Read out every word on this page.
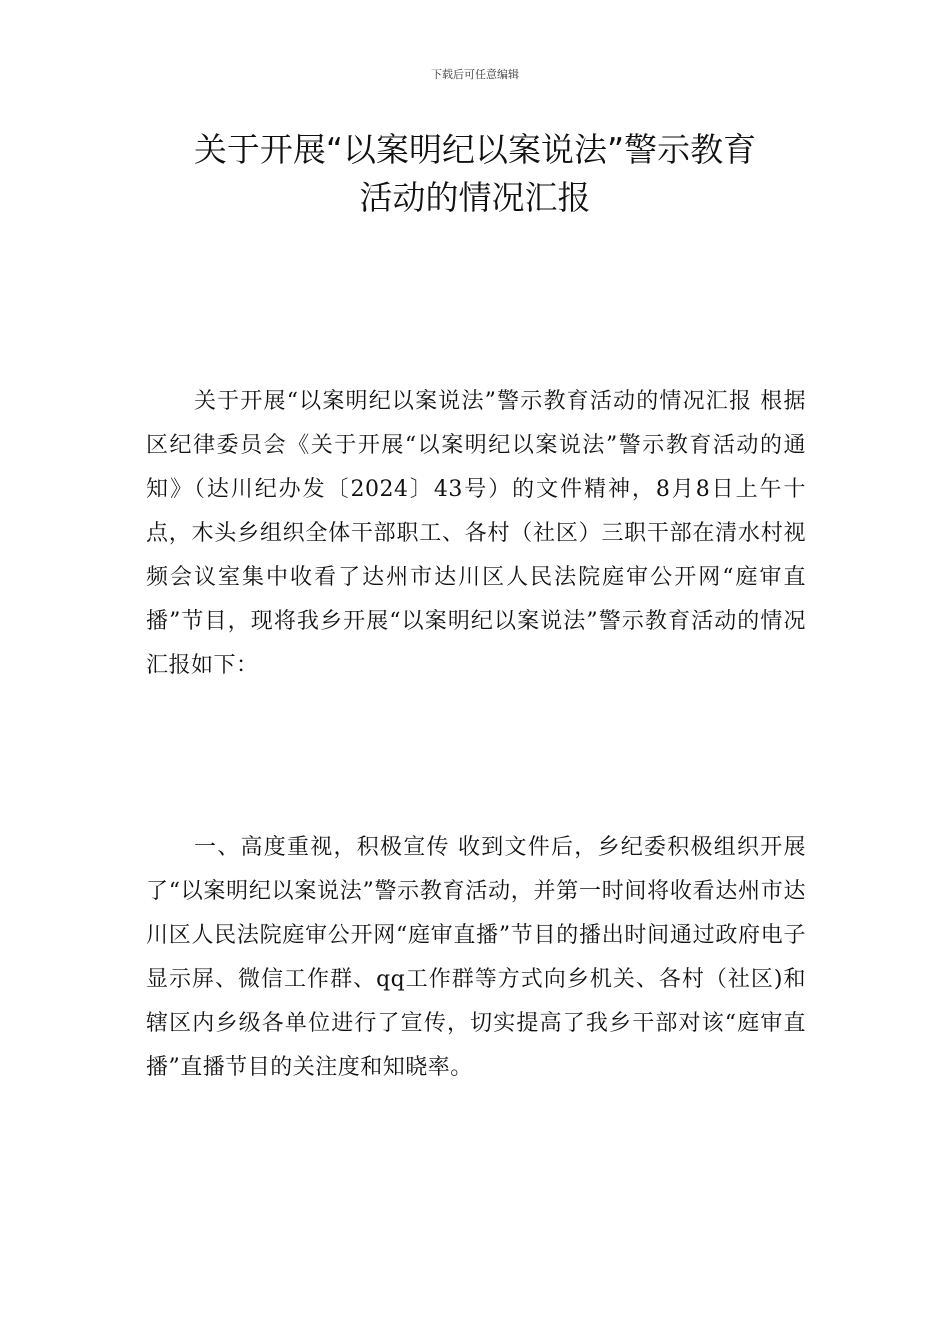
下载后可任意编辑
关于开展“以案明纪以案说法”警示教育
活动的情况汇报

关于开展“以案明纪以案说法”警示教育活动的情况汇报 根据区纪律委员会《关于开展“以案明纪以案说法”警示教育活动的通知》（达川纪办发〔2024〕43号）的文件精神，8月8日上午十点，木头乡组织全体干部职工、各村（社区）三职干部在清水村视频会议室集中收看了达州市达川区人民法院庭审公开网“庭审直播”节目，现将我乡开展“以案明纪以案说法”警示教育活动的情况汇报如下：

一、高度重视，积极宣传 收到文件后，乡纪委积极组织开展了“以案明纪以案说法”警示教育活动，并第一时间将收看达州市达川区人民法院庭审公开网“庭审直播”节目的播出时间通过政府电子显示屏、微信工作群、qq工作群等方式向乡机关、各村（社区)和辖区内乡级各单位进行了宣传，切实提高了我乡干部对该“庭审直播”直播节目的关注度和知晓率。
